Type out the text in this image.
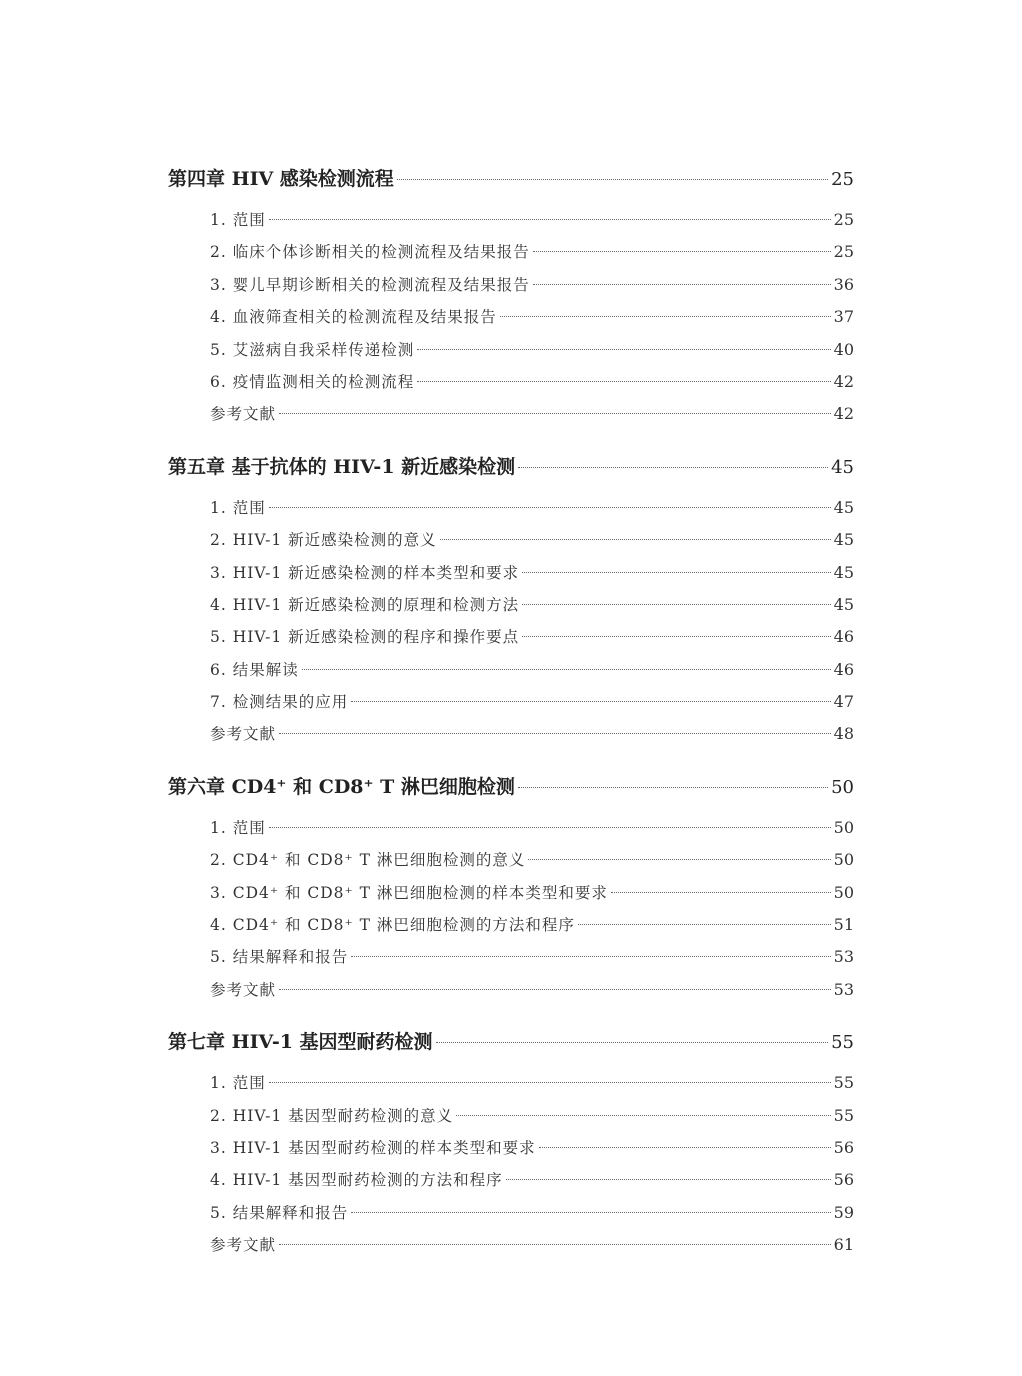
第四章 HIV 感染检测流程	25
1. 范围	25
2. 临床个体诊断相关的检测流程及结果报告	25
3. 婴儿早期诊断相关的检测流程及结果报告	36
4. 血液筛查相关的检测流程及结果报告	37
5. 艾滋病自我采样传递检测	40
6. 疫情监测相关的检测流程	42
参考文献	42
第五章 基于抗体的 HIV-1 新近感染检测	45
1. 范围	45
2. HIV-1 新近感染检测的意义	45
3. HIV-1 新近感染检测的样本类型和要求	45
4. HIV-1 新近感染检测的原理和检测方法	45
5. HIV-1 新近感染检测的程序和操作要点	46
6. 结果解读	46
7. 检测结果的应用	47
参考文献	48
第六章 CD4⁺ 和 CD8⁺ T 淋巴细胞检测	50
1. 范围	50
2. CD4⁺ 和 CD8⁺ T 淋巴细胞检测的意义	50
3. CD4⁺ 和 CD8⁺ T 淋巴细胞检测的样本类型和要求	50
4. CD4⁺ 和 CD8⁺ T 淋巴细胞检测的方法和程序	51
5. 结果解释和报告	53
参考文献	53
第七章 HIV-1 基因型耐药检测	55
1. 范围	55
2. HIV-1 基因型耐药检测的意义	55
3. HIV-1 基因型耐药检测的样本类型和要求	56
4. HIV-1 基因型耐药检测的方法和程序	56
5. 结果解释和报告	59
参考文献	61
